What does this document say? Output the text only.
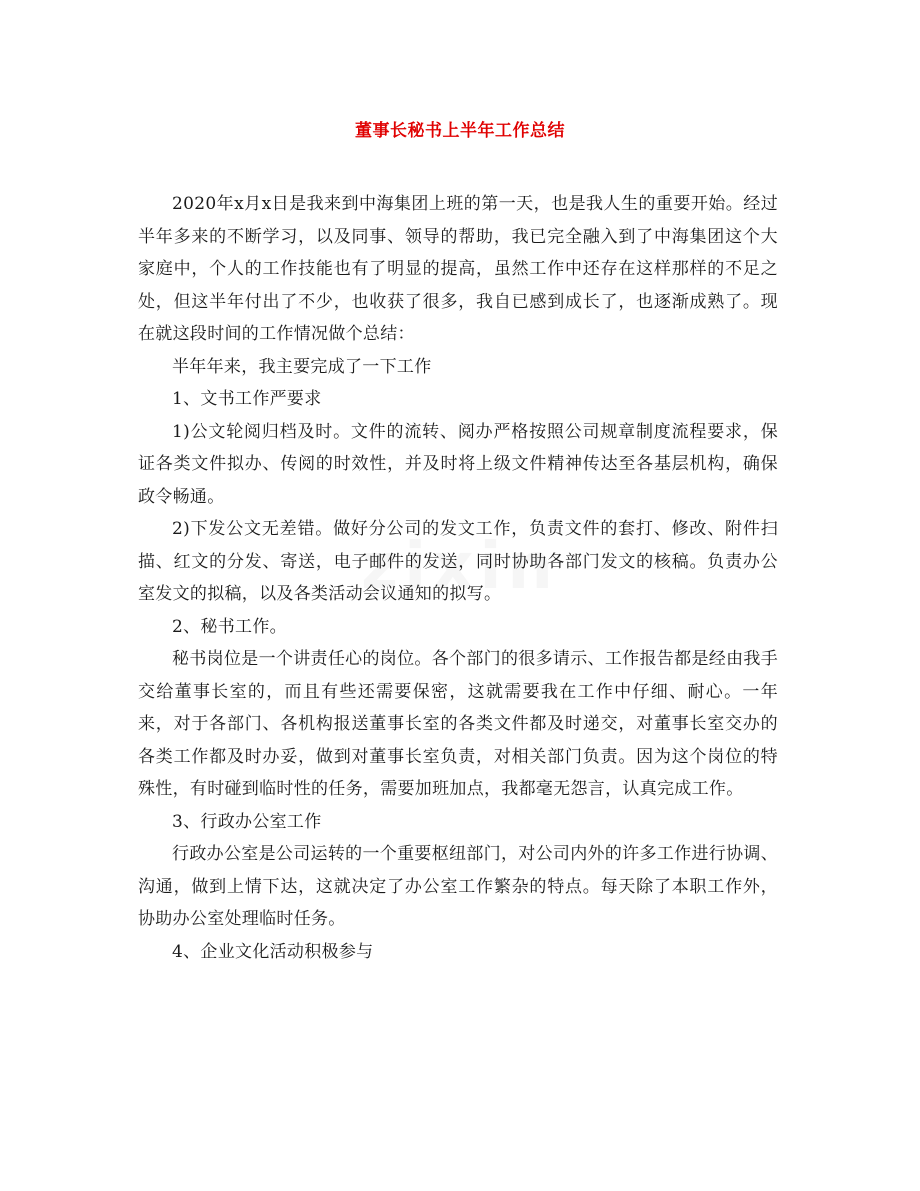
董事长秘书上半年工作总结

2020年x月x日是我来到中海集团上班的第一天，也是我人生的重要开始。经过半年多来的不断学习，以及同事、领导的帮助，我已完全融入到了中海集团这个大家庭中，个人的工作技能也有了明显的提高，虽然工作中还存在这样那样的不足之处，但这半年付出了不少，也收获了很多，我自已感到成长了，也逐渐成熟了。现在就这段时间的工作情况做个总结：

半年年来，我主要完成了一下工作

1、文书工作严要求

1)公文轮阅归档及时。文件的流转、阅办严格按照公司规章制度流程要求，保证各类文件拟办、传阅的时效性，并及时将上级文件精神传达至各基层机构，确保政令畅通。

2)下发公文无差错。做好分公司的发文工作，负责文件的套打、修改、附件扫描、红文的分发、寄送，电子邮件的发送，同时协助各部门发文的核稿。负责办公室发文的拟稿，以及各类活动会议通知的拟写。

2、秘书工作。

秘书岗位是一个讲责任心的岗位。各个部门的很多请示、工作报告都是经由我手交给董事长室的，而且有些还需要保密，这就需要我在工作中仔细、耐心。一年来，对于各部门、各机构报送董事长室的各类文件都及时递交，对董事长室交办的各类工作都及时办妥，做到对董事长室负责，对相关部门负责。因为这个岗位的特殊性，有时碰到临时性的任务，需要加班加点，我都毫无怨言，认真完成工作。

3、行政办公室工作

行政办公室是公司运转的一个重要枢纽部门，对公司内外的许多工作进行协调、沟通，做到上情下达，这就决定了办公室工作繁杂的特点。每天除了本职工作外，协助办公室处理临时任务。

4、企业文化活动积极参与
